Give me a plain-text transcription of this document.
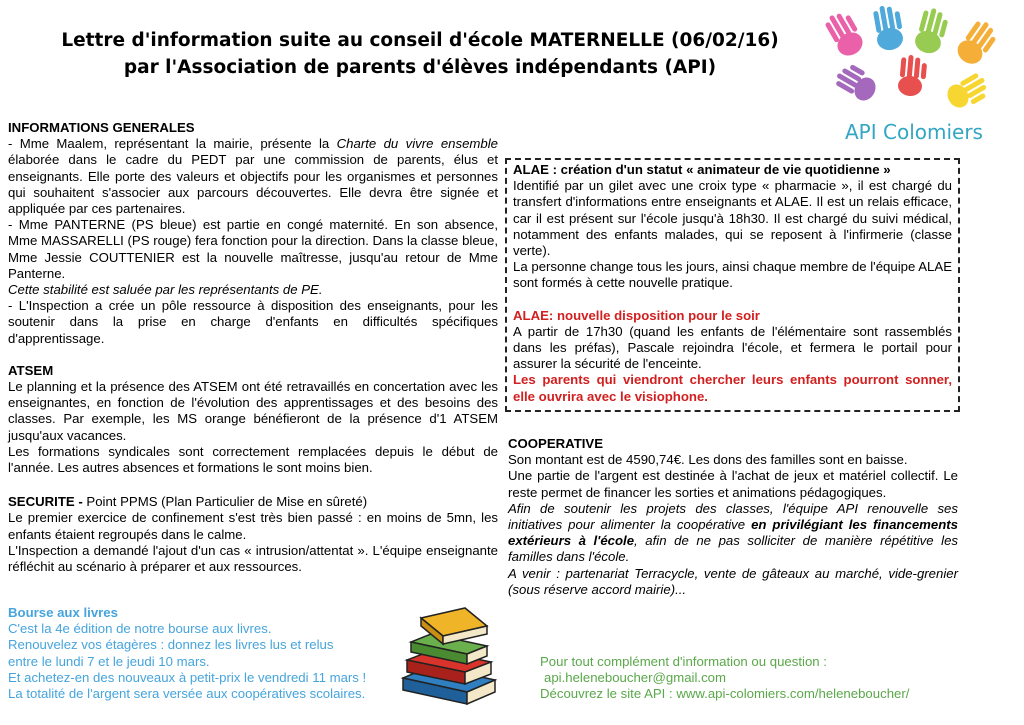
Lettre d'information suite au conseil d'école MATERNELLE (06/02/16)
par l'Association de parents d'élèves indépendants (API)
API Colomiers

INFORMATIONS GENERALES

- Mme Maalem, représentant la mairie, présente la Charte du vivre ensemble élaborée dans le cadre du PEDT par une commission de parents, élus et enseignants. Elle porte des valeurs et objectifs pour les organismes et personnes qui souhaitent s'associer aux parcours découvertes. Elle devra être signée et appliquée par ces partenaires.

- Mme PANTERNE (PS bleue) est partie en congé maternité. En son absence, Mme MASSARELLI (PS rouge) fera fonction pour la direction. Dans la classe bleue, Mme Jessie COUTTENIER est la nouvelle maîtresse, jusqu'au retour de Mme Panterne.

Cette stabilité est saluée par les représentants de PE.

- L'Inspection a crée un pôle ressource à disposition des enseignants, pour les soutenir dans la prise en charge d'enfants en difficultés spécifiques d'apprentissage.

ATSEM

Le planning et la présence des ATSEM ont été retravaillés en concertation avec les enseignantes, en fonction de l'évolution des apprentissages et des besoins des classes. Par exemple, les MS orange bénéfieront de la présence d'1 ATSEM jusqu'aux vacances.

Les formations syndicales sont correctement remplacées depuis le début de l'année. Les autres absences et formations le sont moins bien.

SECURITE - Point PPMS (Plan Particulier de Mise en sûreté)

Le premier exercice de confinement s'est très bien passé : en moins de 5mn, les enfants étaient regroupés dans le calme.

L'Inspection a demandé l'ajout d'un cas « intrusion/attentat ». L'équipe enseignante réfléchit au scénario à préparer et aux ressources.

Bourse aux livres

C'est la 4e édition de notre bourse aux livres.

Renouvelez vos étagères : donnez les livres lus et relus

entre le lundi 7 et le jeudi 10 mars.

Et achetez-en des nouveaux à petit-prix le vendredi 11 mars !

La totalité de l'argent sera versée aux coopératives scolaires.

ALAE : création d'un statut « animateur de vie quotidienne »

Identifié par un gilet avec une croix type « pharmacie », il est chargé du transfert d'informations entre enseignants et ALAE. Il est un relais efficace, car il est présent sur l'école jusqu'à 18h30. Il est chargé du suivi médical, notamment des enfants malades, qui se reposent à l'infirmerie (classe verte).

La personne change tous les jours, ainsi chaque membre de l'équipe ALAE sont formés à cette nouvelle pratique.

ALAE: nouvelle disposition pour le soir

A partir de 17h30 (quand les enfants de l'élémentaire sont rassemblés dans les préfas), Pascale rejoindra l'école, et fermera le portail pour assurer la sécurité de l'enceinte.

Les parents qui viendront chercher leurs enfants pourront sonner, elle ouvrira avec le visiophone.

COOPERATIVE

Son montant est de 4590,74€. Les dons des familles sont en baisse.

Une partie de l'argent est destinée à l'achat de jeux et matériel collectif. Le reste permet de financer les sorties et animations pédagogiques.

Afin de soutenir les projets des classes, l'équipe API renouvelle ses initiatives pour alimenter la coopérative en privilégiant les financements extérieurs à l'école, afin de ne pas solliciter de manière répétitive les familles dans l'école.

A venir : partenariat Terracycle, vente de gâteaux au marché, vide-grenier (sous réserve accord mairie)...

Pour tout complément d'information ou question :

api.heleneboucher@gmail.com

Découvrez le site API : www.api-colomiers.com/heleneboucher/
